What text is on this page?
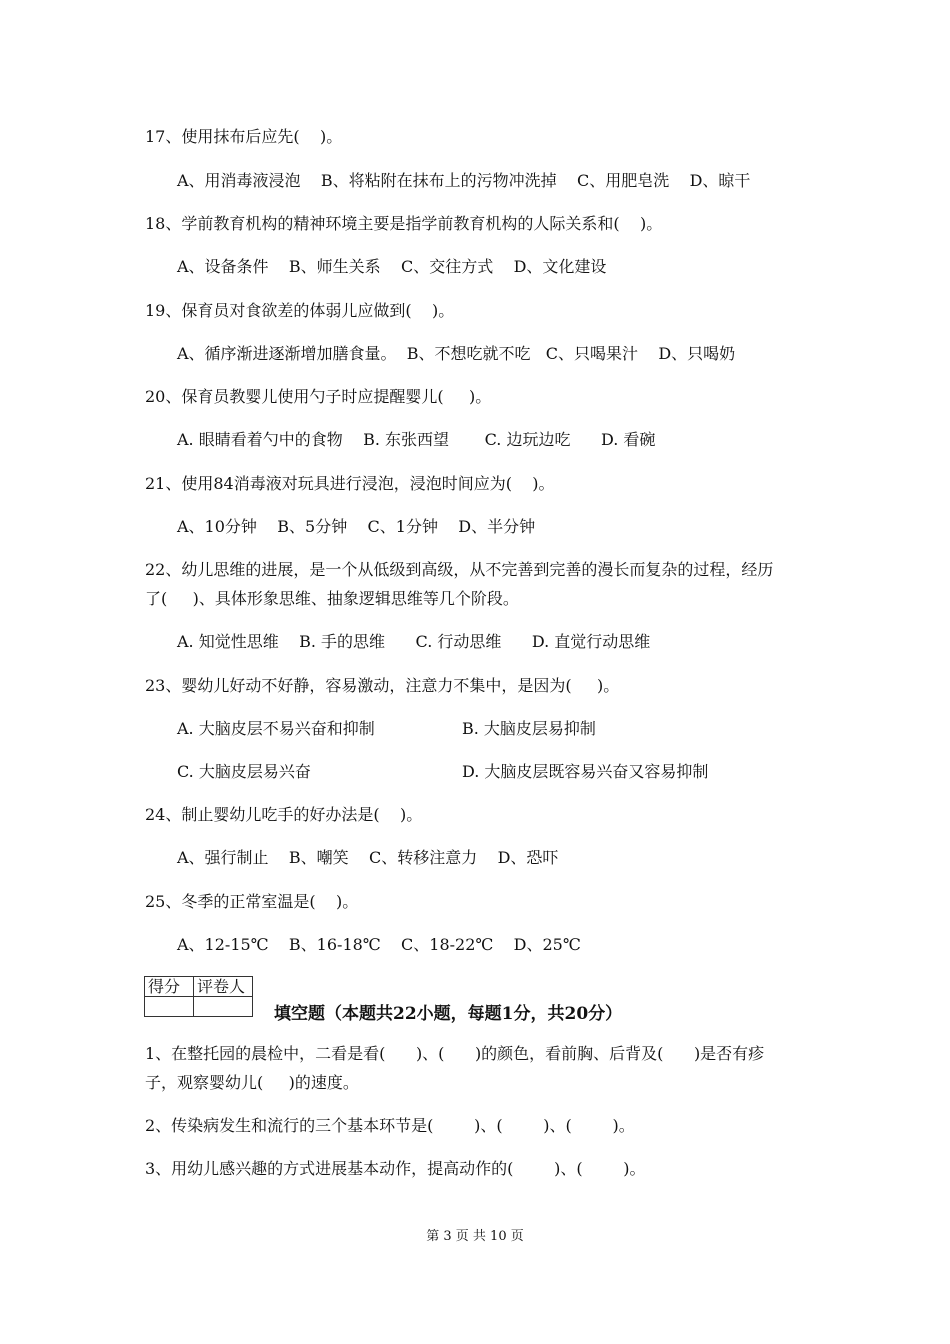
17、使用抹布后应先(    )。
A、用消毒液浸泡    B、将粘附在抹布上的污物冲洗掉    C、用肥皂洗    D、晾干
18、学前教育机构的精神环境主要是指学前教育机构的人际关系和(    )。
A、设备条件    B、师生关系    C、交往方式    D、文化建设
19、保育员对食欲差的体弱儿应做到(    )。
A、循序渐进逐渐增加膳食量。  B、不想吃就不吃   C、只喝果汁    D、只喝奶
20、保育员教婴儿使用勺子时应提醒婴儿(     )。
A. 眼睛看着勺中的食物    B. 东张西望       C. 边玩边吃      D. 看碗
21、使用84消毒液对玩具进行浸泡，浸泡时间应为(    )。
A、10分钟    B、5分钟    C、1分钟    D、半分钟
22、幼儿思维的进展，是一个从低级到高级，从不完善到完善的漫长而复杂的过程，经历
了(     )、具体形象思维、抽象逻辑思维等几个阶段。
A. 知觉性思维    B. 手的思维      C. 行动思维      D. 直觉行动思维
23、婴幼儿好动不好静，容易激动，注意力不集中，是因为(     )。
A. 大脑皮层不易兴奋和抑制	B. 大脑皮层易抑制
C. 大脑皮层易兴奋	D. 大脑皮层既容易兴奋又容易抑制
24、制止婴幼儿吃手的好办法是(    )。
A、强行制止    B、嘲笑    C、转移注意力    D、恐吓
25、冬季的正常室温是(    )。
A、12-15℃    B、16-18℃    C、18-22℃    D、25℃
得分	评卷人

填空题（本题共22小题，每题1分，共20分）
1、在整托园的晨检中，二看是看(      )、(      )的颜色，看前胸、后背及(      )是否有疹
子，观察婴幼儿(     )的速度。
2、传染病发生和流行的三个基本环节是(        )、(        )、(        )。
3、用幼儿感兴趣的方式进展基本动作，提高动作的(        )、(        )。
第 3 页 共 10 页
